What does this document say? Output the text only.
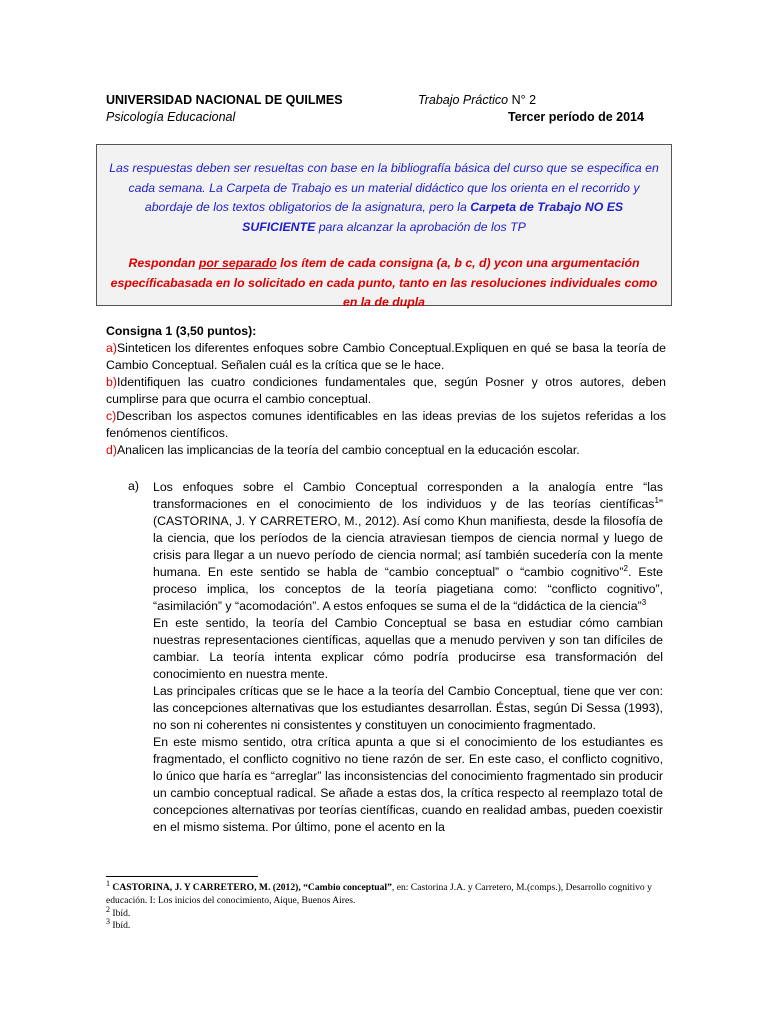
UNIVERSIDAD NACIONAL DE QUILMES
Psicología Educacional
Trabajo Práctico N° 2
Tercer período de 2014
Las respuestas deben ser resueltas con base en la bibliografía básica del curso que se especifica en cada semana. La Carpeta de Trabajo es un material didáctico que los orienta en el recorrido y abordaje de los textos obligatorios de la asignatura, pero la Carpeta de Trabajo NO ES SUFICIENTE para alcanzar la aprobación de los TP
Respondan por separado los ítem de cada consigna (a, b c, d) ycon una argumentación específicabasada en lo solicitado en cada punto, tanto en las resoluciones individuales como en la de dupla

Consigna 1 (3,50 puntos):

a)Sinteticen los diferentes enfoques sobre Cambio Conceptual.Expliquen en qué se basa la teoría de Cambio Conceptual. Señalen cuál es la crítica que se le hace.

b)Identifiquen las cuatro condiciones fundamentales que, según Posner y otros autores, deben cumplirse para que ocurra el cambio conceptual.

c)Describan los aspectos comunes identificables en las ideas previas de los sujetos referidas a los fenómenos científicos.

d)Analicen las implicancias de la teoría del cambio conceptual en la educación escolar.

a) Los enfoques sobre el Cambio Conceptual corresponden a la analogía entre “las transformaciones en el conocimiento de los individuos y de las teorías científicas$^1$” (CASTORINA, J. Y CARRETERO, M., 2012). Así como Khun manifiesta, desde la filosofía de la ciencia, que los períodos de la ciencia atraviesan tiempos de ciencia normal y luego de crisis para llegar a un nuevo período de ciencia normal; así también sucedería con la mente humana. En este sentido se habla de “cambio conceptual” o “cambio cognitivo”$^2$. Este proceso implica, los conceptos de la teoría piagetiana como: “conflicto cognitivo”, “asimilación” y “acomodación”. A estos enfoques se suma el de la “didáctica de la ciencia”$^3$

En este sentido, la teoría del Cambio Conceptual se basa en estudiar cómo cambian nuestras representaciones científicas, aquellas que a menudo perviven y son tan difíciles de cambiar. La teoría intenta explicar cómo podría producirse esa transformación del conocimiento en nuestra mente.

Las principales críticas que se le hace a la teoría del Cambio Conceptual, tiene que ver con: las concepciones alternativas que los estudiantes desarrollan. Éstas, según Di Sessa (1993), no son ni coherentes ni consistentes y constituyen un conocimiento fragmentado.

En este mismo sentido, otra crítica apunta a que si el conocimiento de los estudiantes es fragmentado, el conflicto cognitivo no tiene razón de ser. En este caso, el conflicto cognitivo, lo único que haría es “arreglar” las inconsistencias del conocimiento fragmentado sin producir un cambio conceptual radical. Se añade a estas dos, la crítica respecto al reemplazo total de concepciones alternativas por teorías científicas, cuando en realidad ambas, pueden coexistir en el mismo sistema. Por último, pone el acento en la

$^1$ CASTORINA, J. Y CARRETERO, M. (2012), “Cambio conceptual”, en: Castorina J.A. y Carretero, M.(comps.), Desarrollo cognitivo y educación. I: Los inicios del conocimiento, Aique, Buenos Aires.
$^2$ Ibíd.
$^3$ Ibíd.
